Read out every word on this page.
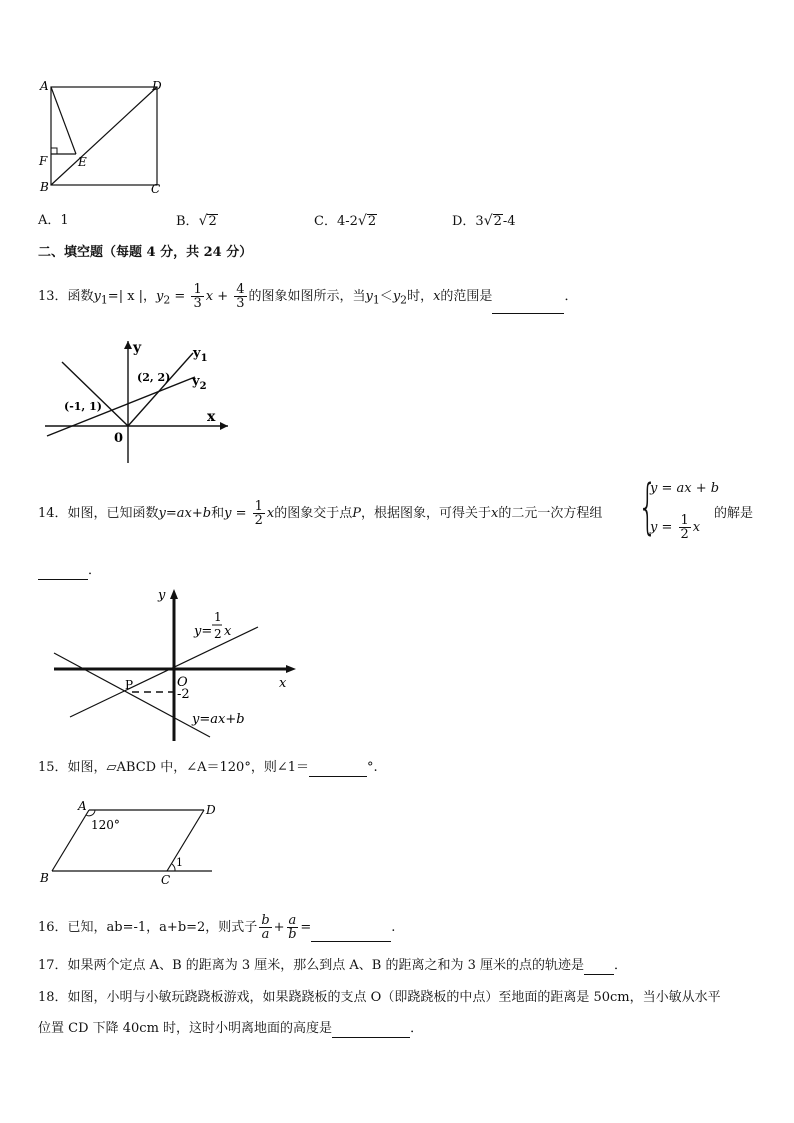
A	D
F	E
B	C
A．1	B．√2	C．4-2√2	D．3√2-4
二、填空题（每题 4 分，共 24 分）
13．函数$y_1=|$ x |，$y_2 = \frac{1}{3}$ $x + \frac{4}{3}$ 的图象如图所示，当$y_1<y_2$时，x的范围是	．
y	$y_1$
$y_2$
(2, 2)
(-1, 1)
x
0
14．如图，已知函数y=ax+b和$y = \frac{1}{2}$ x的图象交于点P，根据图象，可得关于x的二元一次方程组 {
y = ax + b
$y = \frac{1}{2}$ x
的解是
．
y
y=
1
2 x
x
O
P
-2
y=ax+b
15．如图，▱ABCD 中，∠A＝120°，则∠1＝	°.
A	D
B	C
120°
1
16．已知，ab=-1，a+b=2，则式子 $\frac{b}{a} + \frac{a}{b}$ =	.
17．如果两个定点 A、B 的距离为 3 厘米，那么到点 A、B 的距离之和为 3 厘米的点的轨迹是 ．
18．如图，小明与小敏玩跷跷板游戏，如果跷跷板的支点 O（即跷跷板的中点）至地面的距离是 50cm，当小敏从水平
位置 CD 下降 40cm 时，这时小明离地面的高度是	．
